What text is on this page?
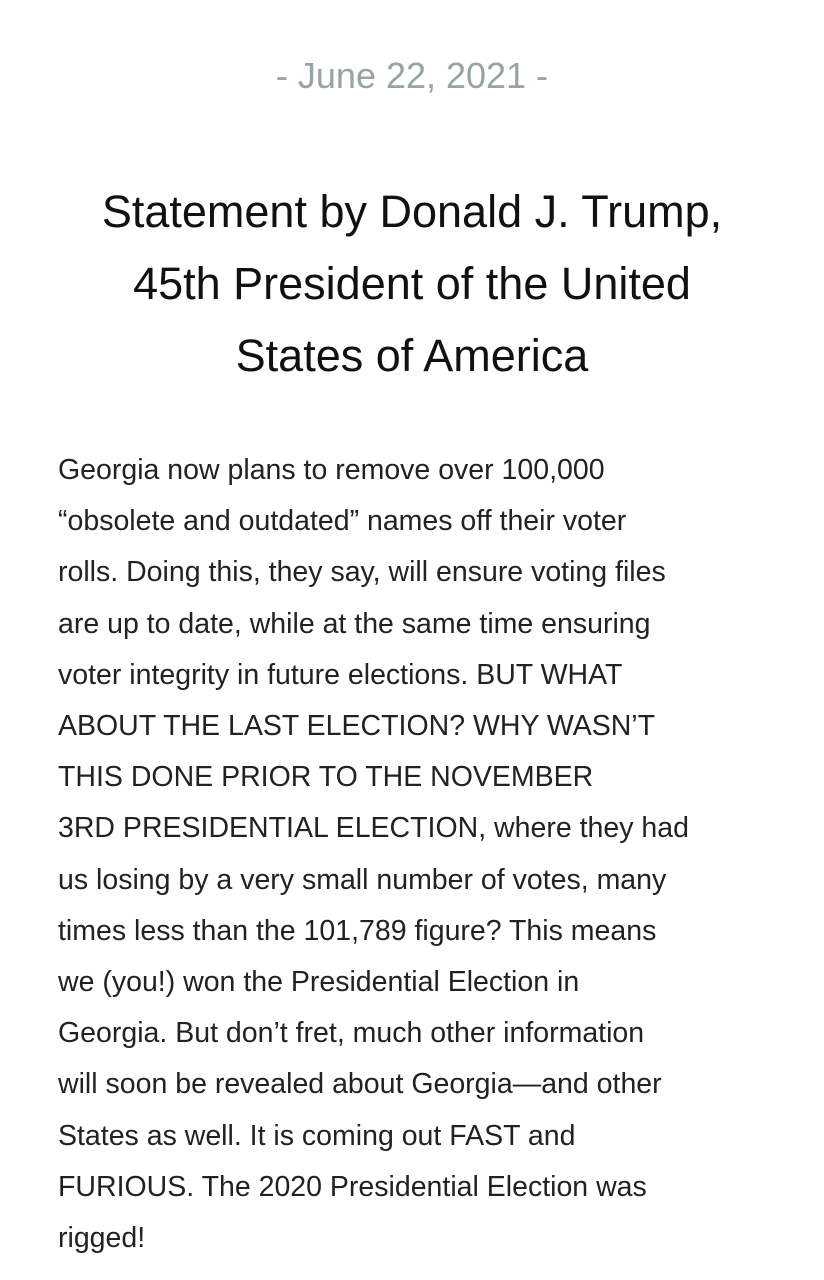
- June 22, 2021 -
Statement by Donald J. Trump,
45th President of the United
States of America
Georgia now plans to remove over 100,000
“obsolete and outdated” names off their voter
rolls. Doing this, they say, will ensure voting files
are up to date, while at the same time ensuring
voter integrity in future elections. BUT WHAT
ABOUT THE LAST ELECTION? WHY WASN’T
THIS DONE PRIOR TO THE NOVEMBER
3RD PRESIDENTIAL ELECTION, where they had
us losing by a very small number of votes, many
times less than the 101,789 figure? This means
we (you!) won the Presidential Election in
Georgia. But don’t fret, much other information
will soon be revealed about Georgia—and other
States as well. It is coming out FAST and
FURIOUS. The 2020 Presidential Election was
rigged!
